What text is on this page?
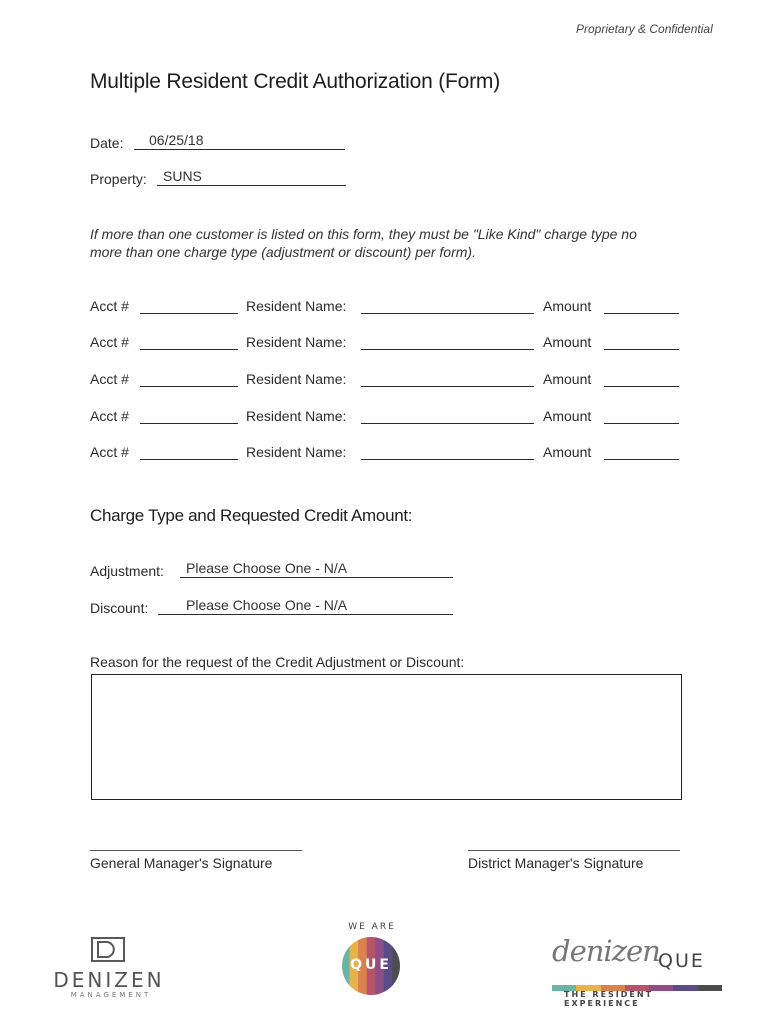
Proprietary & Confidential
Multiple Resident Credit Authorization (Form)
Date: 06/25/18
Property: SUNS
If more than one customer is listed on this form, they must be "Like Kind" charge type no more than one charge type (adjustment or discount) per form).
Acct #	Resident Name:	Amount
Acct #	Resident Name:	Amount
Acct #	Resident Name:	Amount
Acct #	Resident Name:	Amount
Acct #	Resident Name:	Amount
Charge Type and Requested Credit Amount:
Adjustment: Please Choose One - N/A
Discount:	Please Choose One - N/A
Reason for the request of the Credit Adjustment or Discount:
General Manager's Signature	District Manager's Signature
DENIZEN
MANAGEMENT
WE ARE
QUE	denizen
QUE
THE RESIDENT EXPERIENCE
